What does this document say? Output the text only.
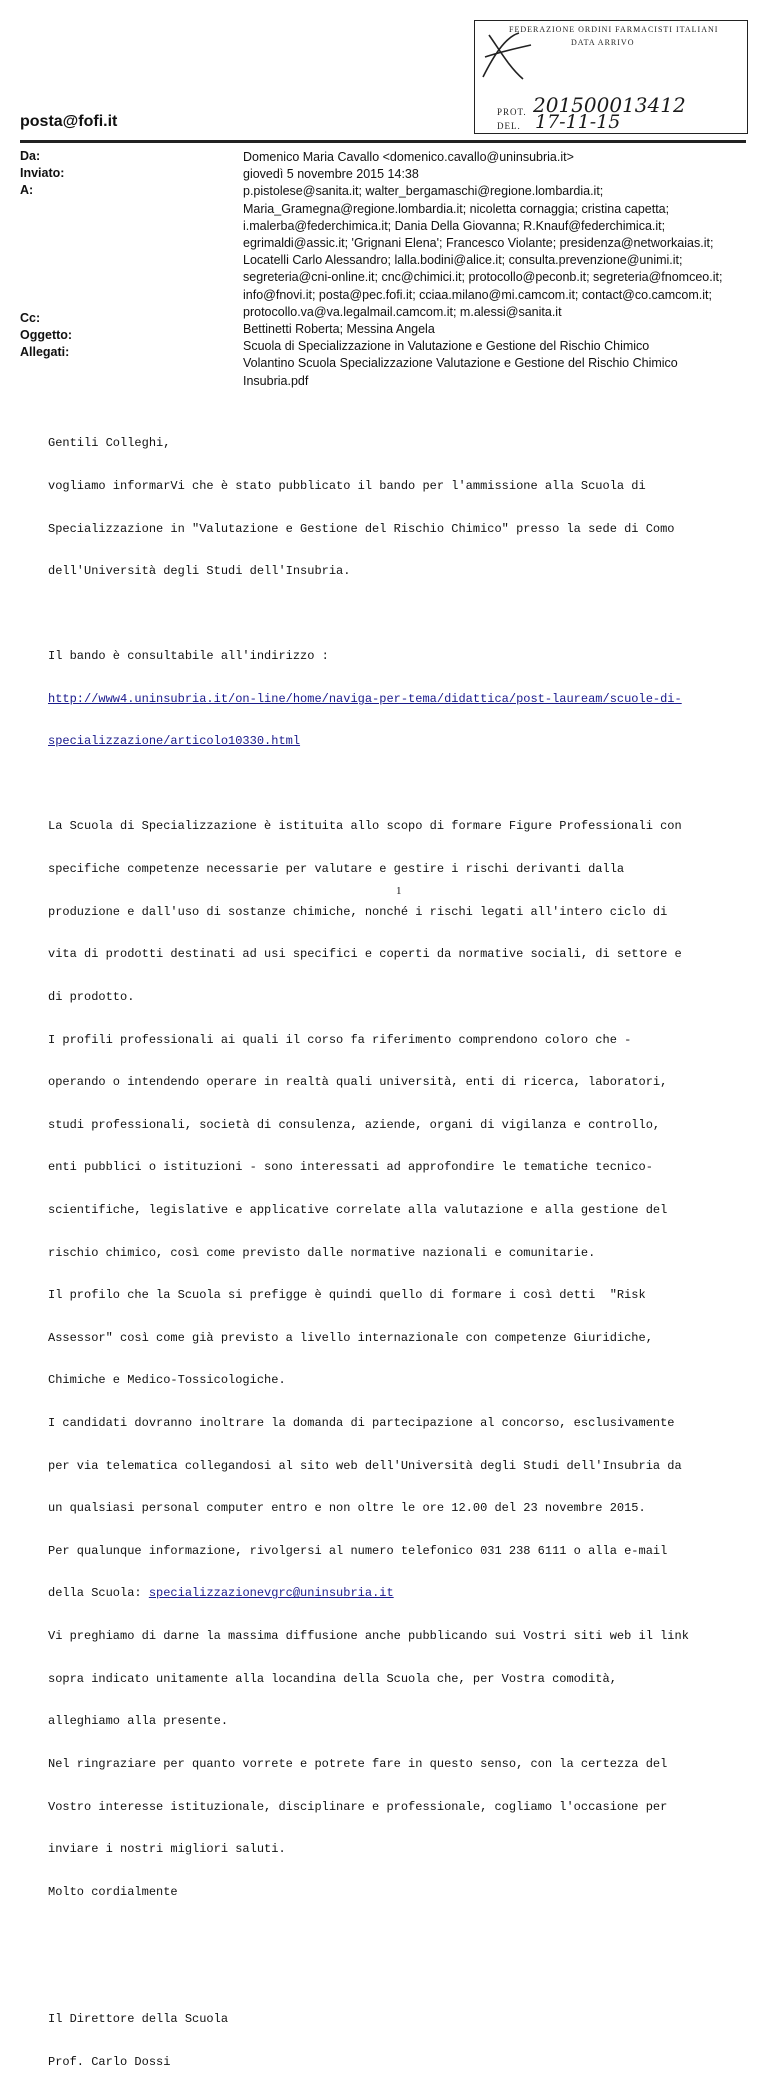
FEDERAZIONE ORDINI FARMACISTI ITALIANI
DATA ARRIVO
PROT. 201500013412
DEL. 17-11-15
posta@fofi.it
Da:
Inviato:
A:
Cc:
Oggetto:
Allegati:
Domenico Maria Cavallo <domenico.cavallo@uninsubria.it>
giovedì 5 novembre 2015 14:38
p.pistolese@sanita.it; walter_bergamaschi@regione.lombardia.it;
Maria_Gramegna@regione.lombardia.it; nicoletta cornaggia; cristina capetta;
i.malerba@federchimica.it; Dania Della Giovanna; R.Knauf@federchimica.it;
egrimaldi@assic.it; 'Grignani Elena'; Francesco Violante; presidenza@networkaias.it;
Locatelli Carlo Alessandro; lalla.bodini@alice.it; consulta.prevenzione@unimi.it;
segreteria@cni-online.it; cnc@chimici.it; protocollo@peconb.it; segreteria@fnomceo.it;
info@fnovi.it; posta@pec.fofi.it; cciaa.milano@mi.camcom.it; contact@co.camcom.it;
protocollo.va@va.legalmail.camcom.it; m.alessi@sanita.it
Bettinetti Roberta; Messina Angela
Scuola di Specializzazione in Valutazione e Gestione del Rischio Chimico
Volantino Scuola Specializzazione Valutazione e Gestione del Rischio Chimico
Insubria.pdf

Gentili Colleghi,

vogliamo informarVi che è stato pubblicato il bando per l'ammissione alla Scuola di

Specializzazione in "Valutazione e Gestione del Rischio Chimico" presso la sede di Como

dell'Università degli Studi dell'Insubria.

Il bando è consultabile all'indirizzo :

http://www4.uninsubria.it/on-line/home/naviga-per-tema/didattica/post-lauream/scuole-di-

specializzazione/articolo10330.html

La Scuola di Specializzazione è istituita allo scopo di formare Figure Professionali con

specifiche competenze necessarie per valutare e gestire i rischi derivanti dalla

produzione e dall'uso di sostanze chimiche, nonché i rischi legati all'intero ciclo di

vita di prodotti destinati ad usi specifici e coperti da normative sociali, di settore e

di prodotto.

I profili professionali ai quali il corso fa riferimento comprendono coloro che -

operando o intendendo operare in realtà quali università, enti di ricerca, laboratori,

studi professionali, società di consulenza, aziende, organi di vigilanza e controllo,

enti pubblici o istituzioni - sono interessati ad approfondire le tematiche tecnico-

scientifiche, legislative e applicative correlate alla valutazione e alla gestione del

rischio chimico, così come previsto dalle normative nazionali e comunitarie.

Il profilo che la Scuola si prefigge è quindi quello di formare i così detti  "Risk

Assessor" così come già previsto a livello internazionale con competenze Giuridiche,

Chimiche e Medico-Tossicologiche.

I candidati dovranno inoltrare la domanda di partecipazione al concorso, esclusivamente

per via telematica collegandosi al sito web dell'Università degli Studi dell'Insubria da

un qualsiasi personal computer entro e non oltre le ore 12.00 del 23 novembre 2015.

Per qualunque informazione, rivolgersi al numero telefonico 031 238 6111 o alla e-mail

della Scuola: specializzazionevgrc@uninsubria.it

Vi preghiamo di darne la massima diffusione anche pubblicando sui Vostri siti web il link

sopra indicato unitamente alla locandina della Scuola che, per Vostra comodità,

alleghiamo alla presente.

Nel ringraziare per quanto vorrete e potrete fare in questo senso, con la certezza del

Vostro interesse istituzionale, disciplinare e professionale, cogliamo l'occasione per

inviare i nostri migliori saluti.

Molto cordialmente

Il Direttore della Scuola

Prof. Carlo Dossi

1
